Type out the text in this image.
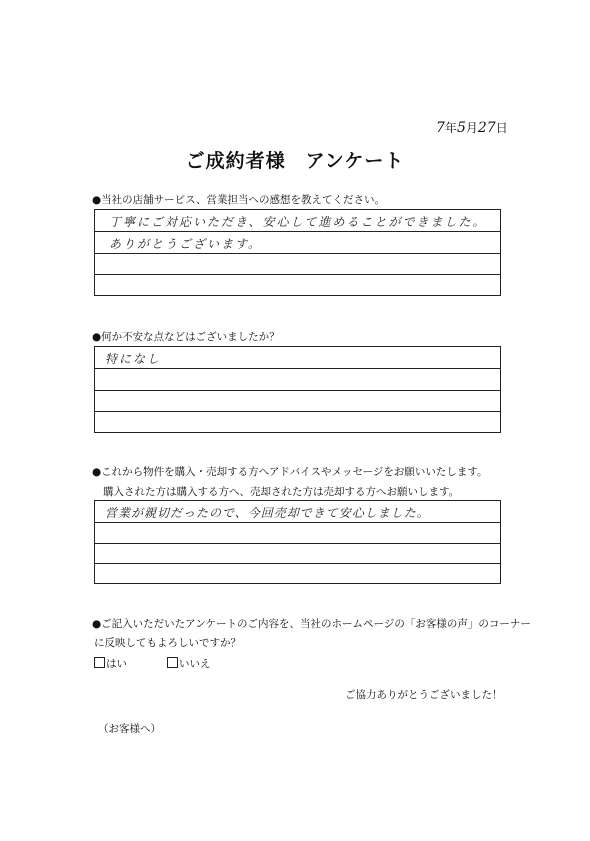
7年5月27日
ご成約者様　アンケート
●当社の店舗サービス、営業担当への感想を教えてください。
丁寧にご対応いただき、安心して進めることができました。
ありがとうございます。
●何か不安な点などはございましたか？
特になし
●これから物件を購入・売却する方へアドバイスやメッセージをお願いいたします。
購入された方は購入する方へ、売却された方は売却する方へお願いします。
営業が親切だったので、今回売却できて安心しました。
●ご記入いただいたアンケートのご内容を、当社のホームページの「お客様の声」のコーナー
に反映してもよろしいですか？
はい	いいえ
ご協力ありがとうございました！
（お客様へ）
